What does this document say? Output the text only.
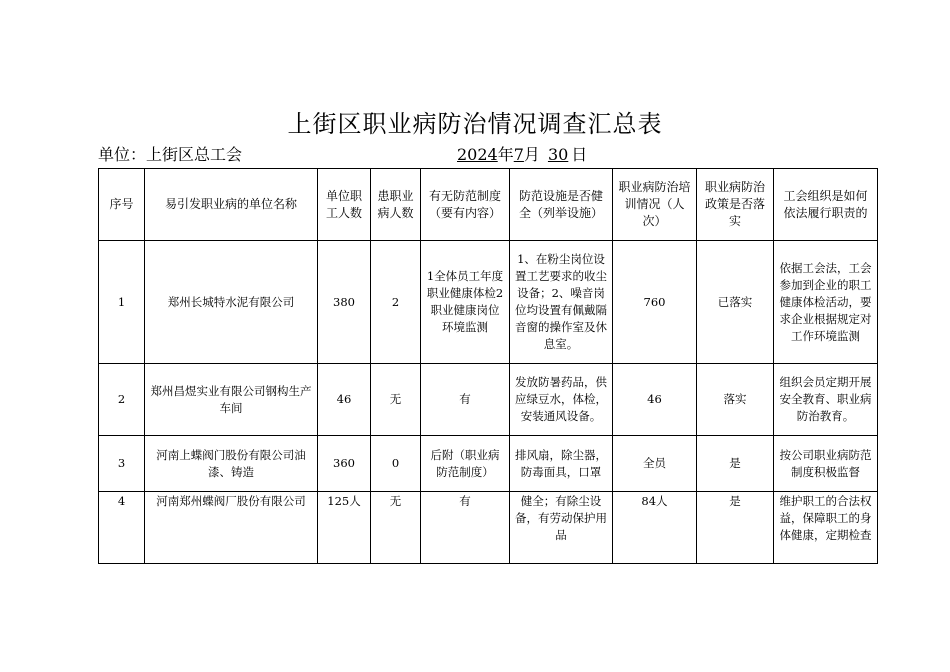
上街区职业病防治情况调查汇总表
单位：上街区总工会	2024年7月 30 日
序号	易引发职业病的单位名称	单位职工人数	患职业病人数	有无防范制度（要有内容）	防范设施是否健全（列举设施）	职业病防治培训情况（人次）	职业病防治政策是否落实	工会组织是如何依法履行职责的
1	郑州长城特水泥有限公司	380	2	1全体员工年度职业健康体检2职业健康岗位环境监测	1、在粉尘岗位设置工艺要求的收尘设备；2、噪音岗位均设置有佩戴隔音窗的操作室及休息室。	760	已落实	依据工会法，工会参加到企业的职工健康体检活动，要求企业根据规定对工作环境监测
2	郑州昌煜实业有限公司钢构生产车间	46	无	有	发放防暑药品，供应绿豆水，体检，安装通风设备。	46	落实	组织会员定期开展安全教育、职业病防治教育。
3	河南上蝶阀门股份有限公司油漆、铸造	360	0	后附（职业病防范制度）	排风扇，除尘器，防毒面具，口罩	全员	是	按公司职业病防范制度积极监督
4	河南郑州蝶阀厂股份有限公司	125人	无	有	健全；有除尘设备，有劳动保护用品	84人	是	维护职工的合法权益，保障职工的身体健康，定期检查
